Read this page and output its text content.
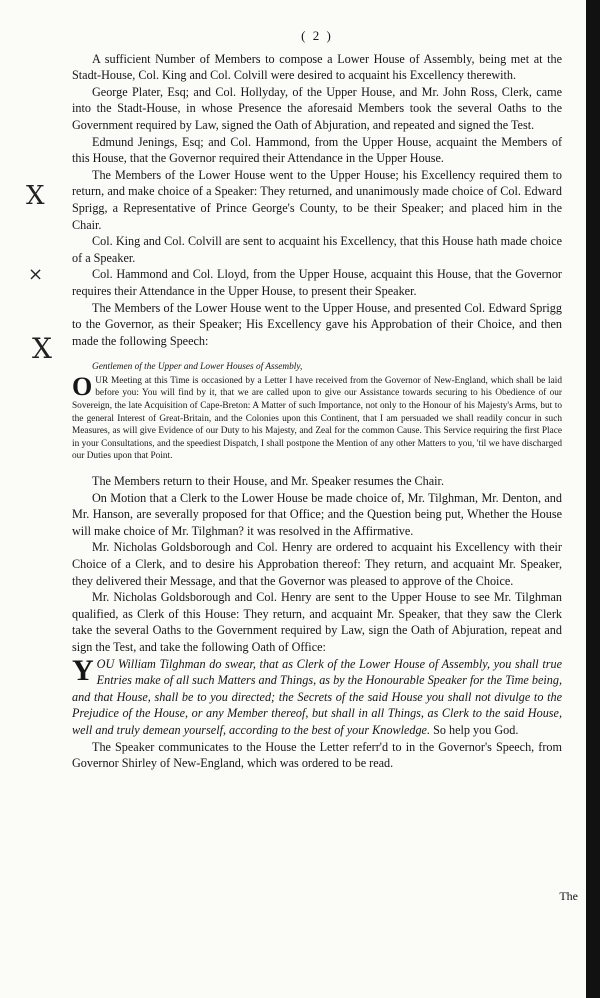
X
×
X
( 2 )

A sufficient Number of Members to compose a Lower House of Assembly, being met at the Stadt-House, Col. King and Col. Colvill were desired to acquaint his Excellency therewith.

George Plater, Esq; and Col. Hollyday, of the Upper House, and Mr. John Ross, Clerk, came into the Stadt-House, in whose Presence the aforesaid Members took the several Oaths to the Government required by Law, signed the Oath of Abjuration, and repeated and signed the Test.

Edmund Jenings, Esq; and Col. Hammond, from the Upper House, acquaint the Members of this House, that the Governor required their Attendance in the Upper House.

The Members of the Lower House went to the Upper House; his Excellency required them to return, and make choice of a Speaker: They returned, and unanimously made choice of Col. Edward Sprigg, a Representative of Prince George's County, to be their Speaker; and placed him in the Chair.

Col. King and Col. Colvill are sent to acquaint his Excellency, that this House hath made choice of a Speaker.

Col. Hammond and Col. Lloyd, from the Upper House, acquaint this House, that the Governor requires their Attendance in the Upper House, to present their Speaker.

The Members of the Lower House went to the Upper House, and presented Col. Edward Sprigg to the Governor, as their Speaker; His Excellency gave his Approbation of their Choice, and then made the following Speech:

Gentlemen of the Upper and Lower Houses of Assembly,
O UR Meeting at this Time is occasioned by a Letter I have received from the Governor of New-England, which shall be laid before you: You will find by it, that we are called upon to give our Assistance towards securing to his Obedience of our Sovereign, the late Acquisition of Cape-Breton: A Matter of such Importance, not only to the Honour of his Majesty's Arms, but to the general Interest of Great-Britain, and the Colonies upon this Continent, that I am persuaded we shall readily concur in such Measures, as will give Evidence of our Duty to his Majesty, and Zeal for the common Cause. This Service requiring the first Place in your Consultations, and the speediest Dispatch, I shall postpone the Mention of any other Matters to you, 'til we have discharged our Duties upon that Point.

The Members return to their House, and Mr. Speaker resumes the Chair.

On Motion that a Clerk to the Lower House be made choice of, Mr. Tilghman, Mr. Denton, and Mr. Hanson, are severally proposed for that Office; and the Question being put, Whether the House will make choice of Mr. Tilghman? it was resolved in the Affirmative.

Mr. Nicholas Goldsborough and Col. Henry are ordered to acquaint his Excellency with their Choice of a Clerk, and to desire his Approbation thereof: They return, and acquaint Mr. Speaker, they delivered their Message, and that the Governor was pleased to approve of the Choice.

Mr. Nicholas Goldsborough and Col. Henry are sent to the Upper House to see Mr. Tilghman qualified, as Clerk of this House: They return, and acquaint Mr. Speaker, that they saw the Clerk take the several Oaths to the Government required by Law, sign the Oath of Abjuration, repeat and sign the Test, and take the following Oath of Office:

Y OU William Tilghman do swear, that as Clerk of the Lower House of Assembly, you shall true Entries make of all such Matters and Things, as by the Honourable Speaker for the Time being, and that House, shall be to you directed; the Secrets of the said House you shall not divulge to the Prejudice of the House, or any Member thereof, but shall in all Things, as Clerk to the said House, well and truly demean yourself, according to the best of your Knowledge. So help you God.

The Speaker communicates to the House the Letter referr'd to in the Governor's Speech, from Governor Shirley of New-England, which was ordered to be read.

The
